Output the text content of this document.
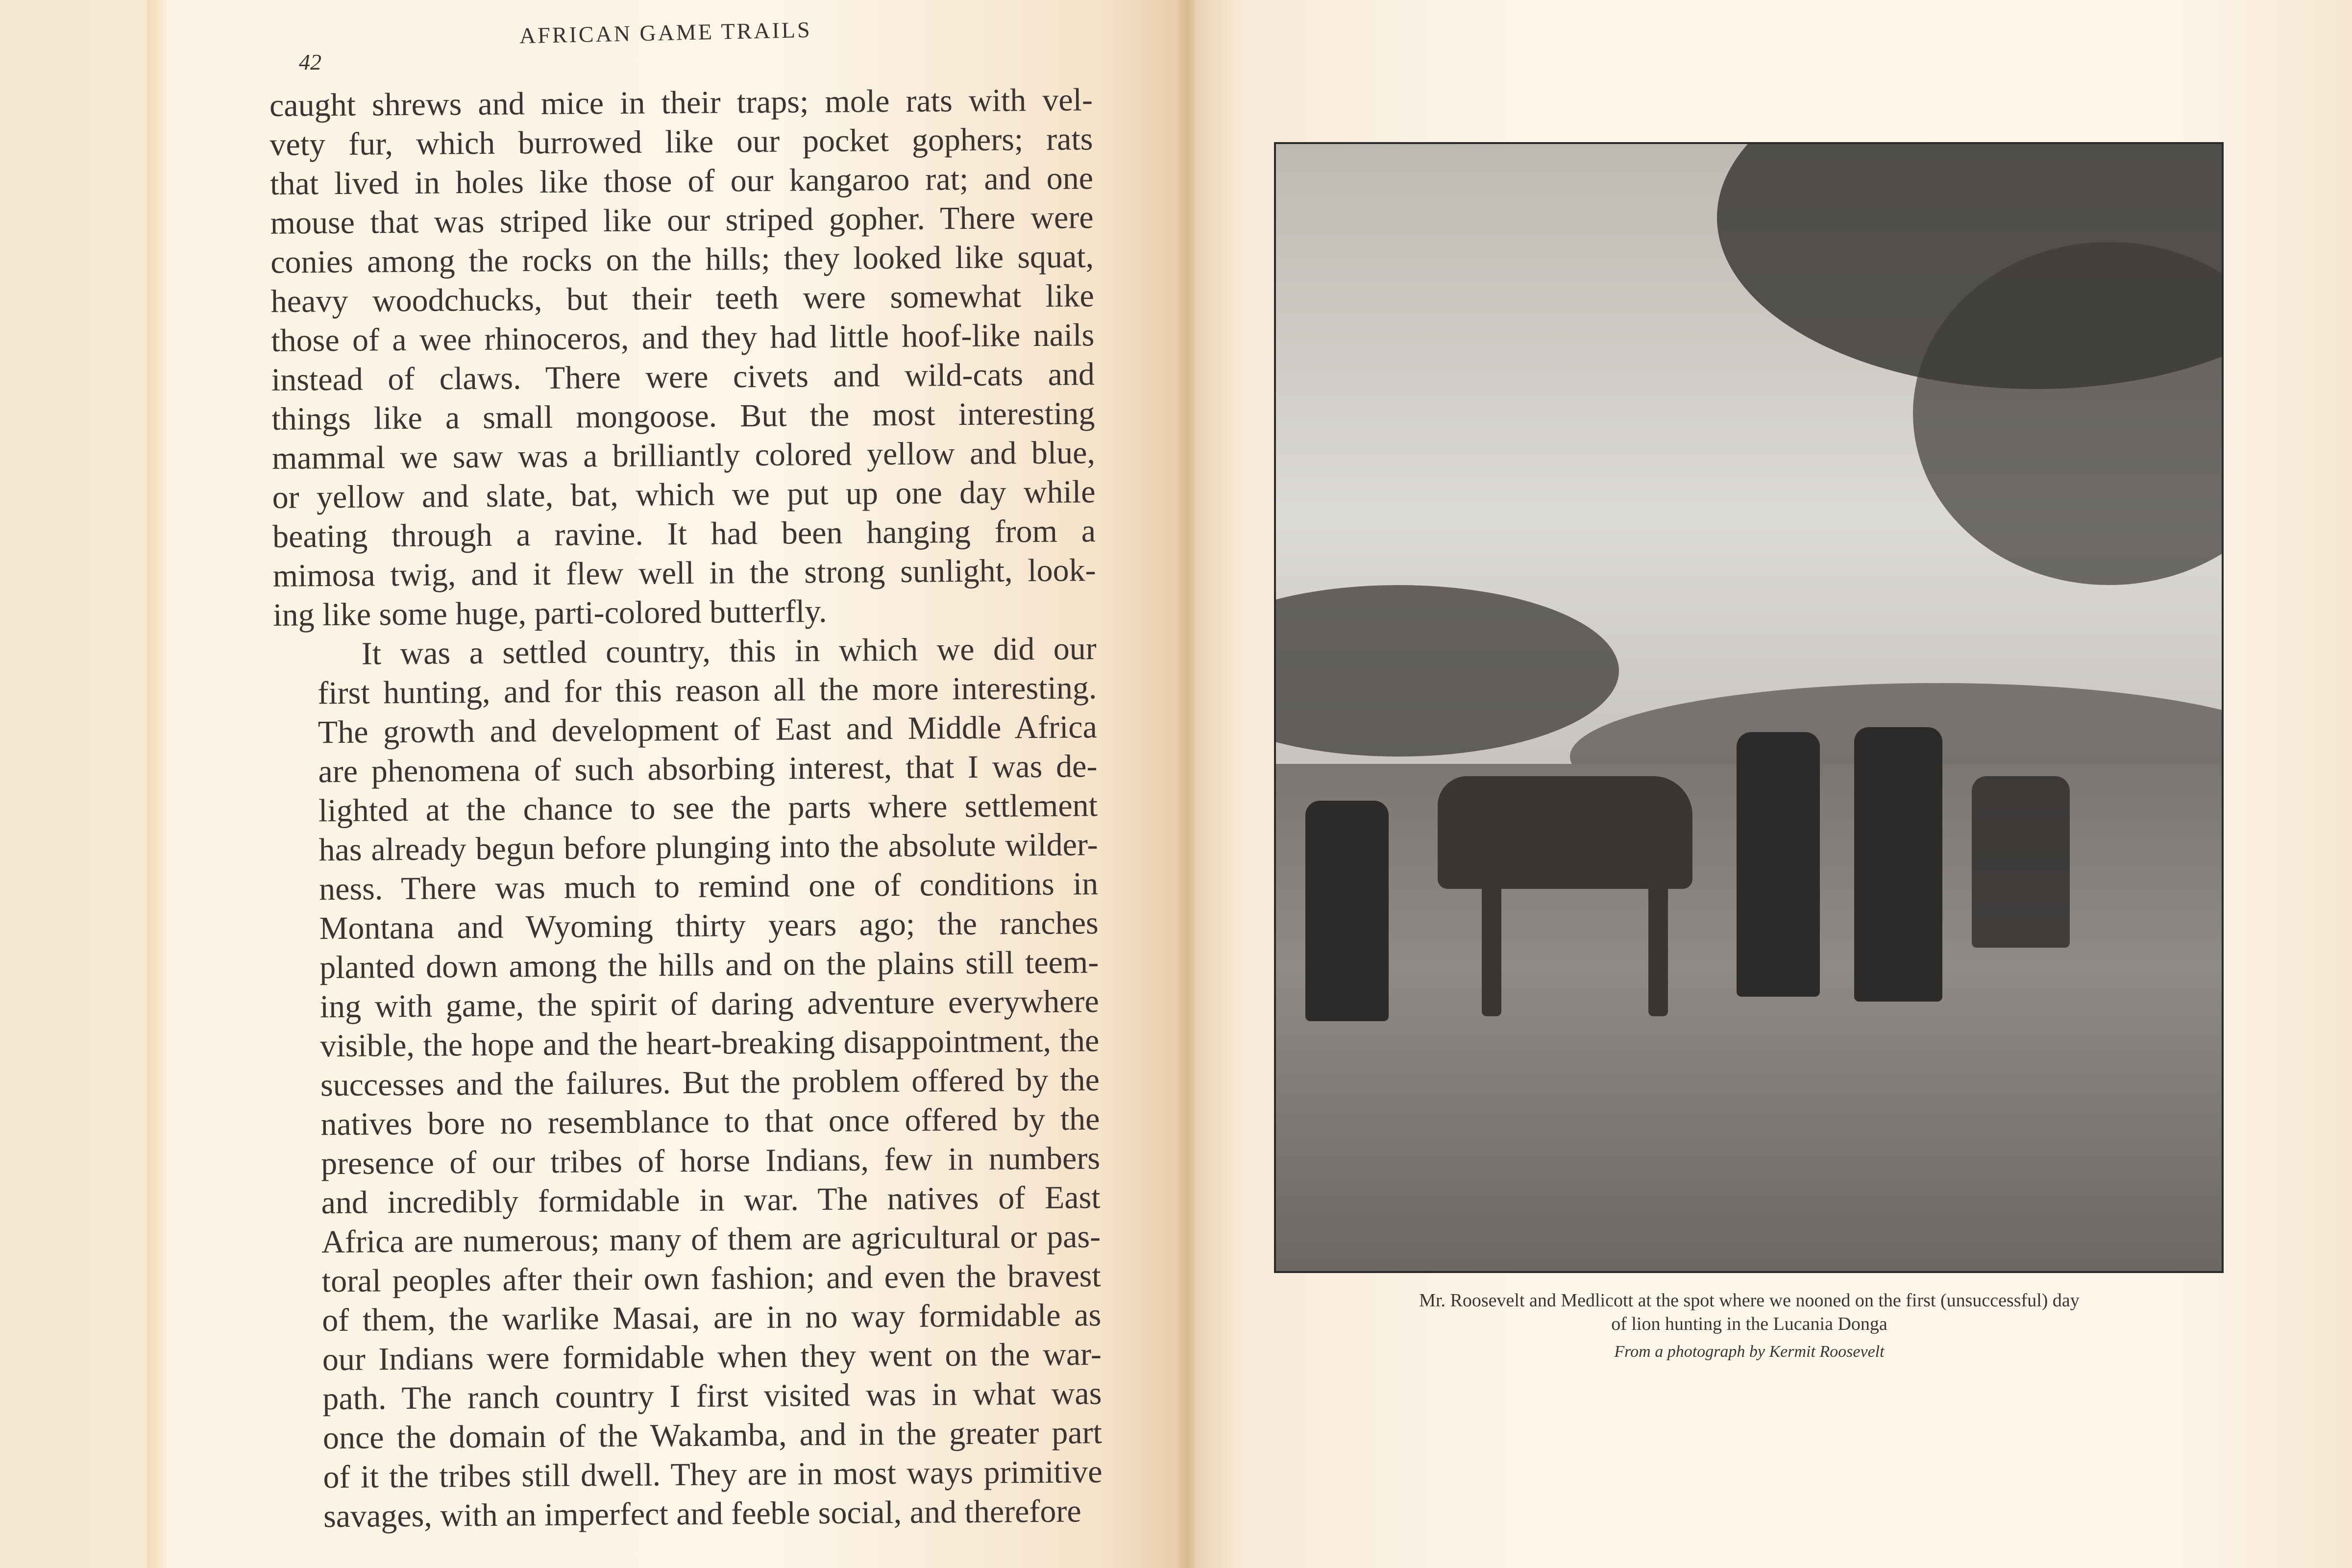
AFRICAN GAME TRAILS
42

caught shrews and mice in their traps; mole rats with vel-
vety fur, which burrowed like our pocket gophers; rats
that lived in holes like those of our kangaroo rat; and one
mouse that was striped like our striped gopher. There were
conies among the rocks on the hills; they looked like squat,
heavy woodchucks, but their teeth were somewhat like
those of a wee rhinoceros, and they had little hoof-like nails
instead of claws. There were civets and wild-cats and
things like a small mongoose. But the most interesting
mammal we saw was a brilliantly colored yellow and blue,
or yellow and slate, bat, which we put up one day while
beating through a ravine. It had been hanging from a
mimosa twig, and it flew well in the strong sunlight, look-
ing like some huge, parti-colored butterfly.

It was a settled country, this in which we did our
first hunting, and for this reason all the more interesting.
The growth and development of East and Middle Africa
are phenomena of such absorbing interest, that I was de-
lighted at the chance to see the parts where settlement
has already begun before plunging into the absolute wilder-
ness. There was much to remind one of conditions in
Montana and Wyoming thirty years ago; the ranches
planted down among the hills and on the plains still teem-
ing with game, the spirit of daring adventure everywhere
visible, the hope and the heart-breaking disappointment, the
successes and the failures. But the problem offered by the
natives bore no resemblance to that once offered by the
presence of our tribes of horse Indians, few in numbers
and incredibly formidable in war. The natives of East
Africa are numerous; many of them are agricultural or pas-
toral peoples after their own fashion; and even the bravest
of them, the warlike Masai, are in no way formidable as
our Indians were formidable when they went on the war-
path. The ranch country I first visited was in what was
once the domain of the Wakamba, and in the greater part
of it the tribes still dwell. They are in most ways primitive
savages, with an imperfect and feeble social, and therefore

Mr. Roosevelt and Medlicott at the spot where we nooned on the first (unsuccessful) day
of lion hunting in the Lucania Donga
From a photograph by Kermit Roosevelt
